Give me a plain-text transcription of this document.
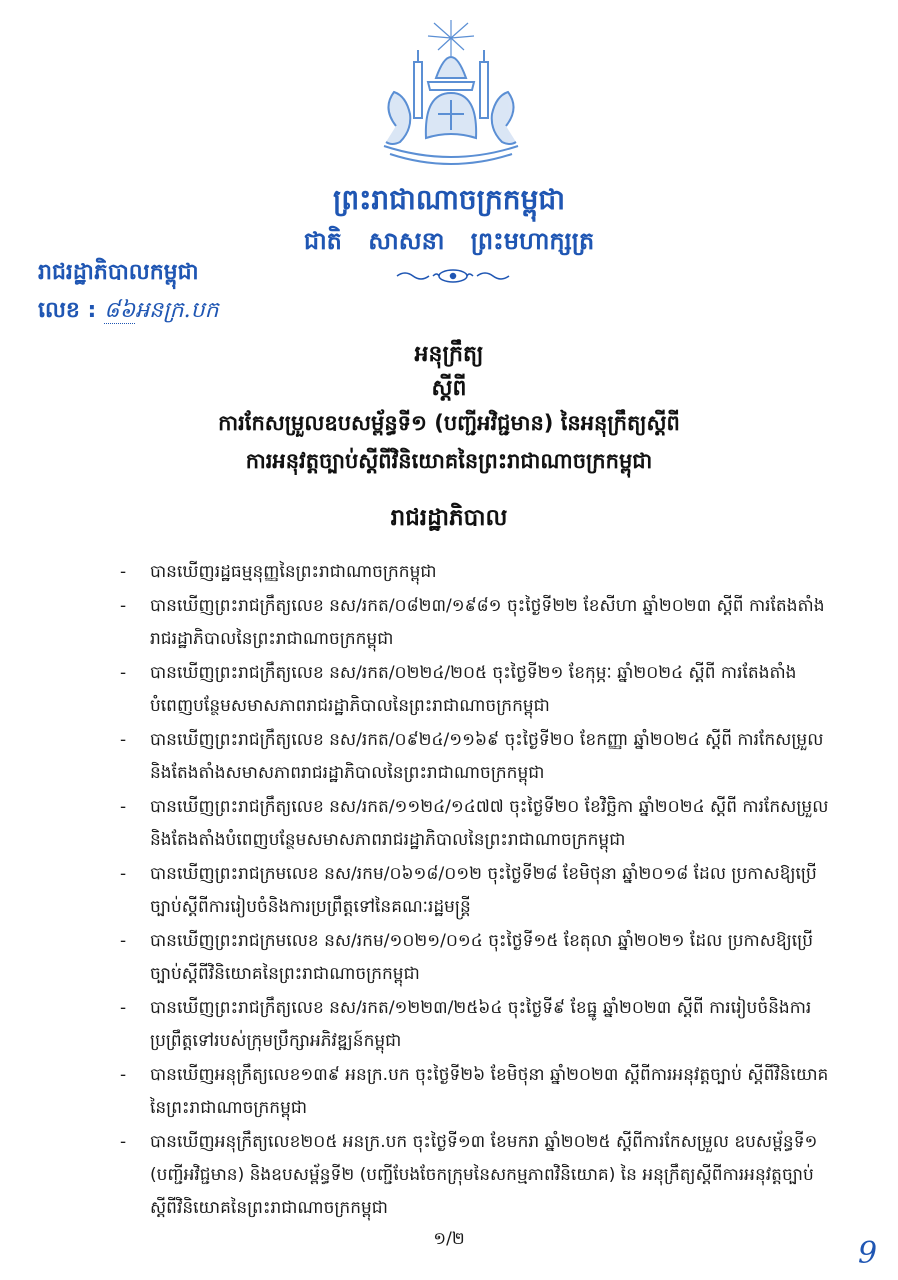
ព្រះរាជាណាចក្រកម្ពុជា
ជាតិ សាសនា ព្រះមហាក្សត្រ
រាជរដ្ឋាភិបាលកម្ពុជា
លេខ : ៨៦អនក្រ.បក
អនុក្រឹត្យ
ស្ដីពី
ការកែសម្រួលឧបសម្ព័ន្ធទី១ (បញ្ជីអវិជ្ជមាន) នៃអនុក្រឹត្យស្ដីពី
ការអនុវត្តច្បាប់ស្ដីពីវិនិយោគនៃព្រះរាជាណាចក្រកម្ពុជា
រាជរដ្ឋាភិបាល
- បានឃើញរដ្ឋធម្មនុញ្ញនៃព្រះរាជាណាចក្រកម្ពុជា
- បានឃើញព្រះរាជក្រឹត្យលេខ នស/រកត/០៨២៣/១៩៨១ ចុះថ្ងៃទី២២ ខែសីហា ឆ្នាំ២០២៣ ស្ដីពី ការតែងតាំងរាជរដ្ឋាភិបាលនៃព្រះរាជាណាចក្រកម្ពុជា
- បានឃើញព្រះរាជក្រឹត្យលេខ នស/រកត/០២២៤/២០៥ ចុះថ្ងៃទី២១ ខែកុម្ភៈ ឆ្នាំ២០២៤ ស្ដីពី ការតែងតាំងបំពេញបន្ថែមសមាសភាពរាជរដ្ឋាភិបាលនៃព្រះរាជាណាចក្រកម្ពុជា
- បានឃើញព្រះរាជក្រឹត្យលេខ នស/រកត/០៩២៤/១១៦៩ ចុះថ្ងៃទី២០ ខែកញ្ញា ឆ្នាំ២០២៤ ស្ដីពី ការកែសម្រួលនិងតែងតាំងសមាសភាពរាជរដ្ឋាភិបាលនៃព្រះរាជាណាចក្រកម្ពុជា
- បានឃើញព្រះរាជក្រឹត្យលេខ នស/រកត/១១២៤/១៤៧៧ ចុះថ្ងៃទី២០ ខែវិច្ឆិកា ឆ្នាំ២០២៤ ស្ដីពី ការកែសម្រួលនិងតែងតាំងបំពេញបន្ថែមសមាសភាពរាជរដ្ឋាភិបាលនៃព្រះរាជាណាចក្រកម្ពុជា
- បានឃើញព្រះរាជក្រមលេខ នស/រកម/០៦១៨/០១២ ចុះថ្ងៃទី២៨ ខែមិថុនា ឆ្នាំ២០១៨ ដែល ប្រកាសឱ្យប្រើច្បាប់ស្ដីពីការរៀបចំនិងការប្រព្រឹត្តទៅនៃគណៈរដ្ឋមន្ត្រី
- បានឃើញព្រះរាជក្រមលេខ នស/រកម/១០២១/០១៤ ចុះថ្ងៃទី១៥ ខែតុលា ឆ្នាំ២០២១ ដែល ប្រកាសឱ្យប្រើច្បាប់ស្ដីពីវិនិយោគនៃព្រះរាជាណាចក្រកម្ពុជា
- បានឃើញព្រះរាជក្រឹត្យលេខ នស/រកត/១២២៣/២៥៦៤ ចុះថ្ងៃទី៩ ខែធ្នូ ឆ្នាំ២០២៣ ស្ដីពី ការរៀបចំនិងការប្រព្រឹត្តទៅរបស់ក្រុមប្រឹក្សាអភិវឌ្ឍន៍កម្ពុជា
- បានឃើញអនុក្រឹត្យលេខ១៣៩ អនក្រ.បក ចុះថ្ងៃទី២៦ ខែមិថុនា ឆ្នាំ២០២៣ ស្ដីពីការអនុវត្តច្បាប់ ស្ដីពីវិនិយោគនៃព្រះរាជាណាចក្រកម្ពុជា
- បានឃើញអនុក្រឹត្យលេខ២០៥ អនក្រ.បក ចុះថ្ងៃទី១៣ ខែមករា ឆ្នាំ២០២៥ ស្ដីពីការកែសម្រួល ឧបសម្ព័ន្ធទី១ (បញ្ជីអវិជ្ជមាន) និងឧបសម្ព័ន្ធទី២ (បញ្ជីបែងចែកក្រុមនៃសកម្មភាពវិនិយោគ) នៃ អនុក្រឹត្យស្ដីពីការអនុវត្តច្បាប់ស្ដីពីវិនិយោគនៃព្រះរាជាណាចក្រកម្ពុជា
១/២	9
